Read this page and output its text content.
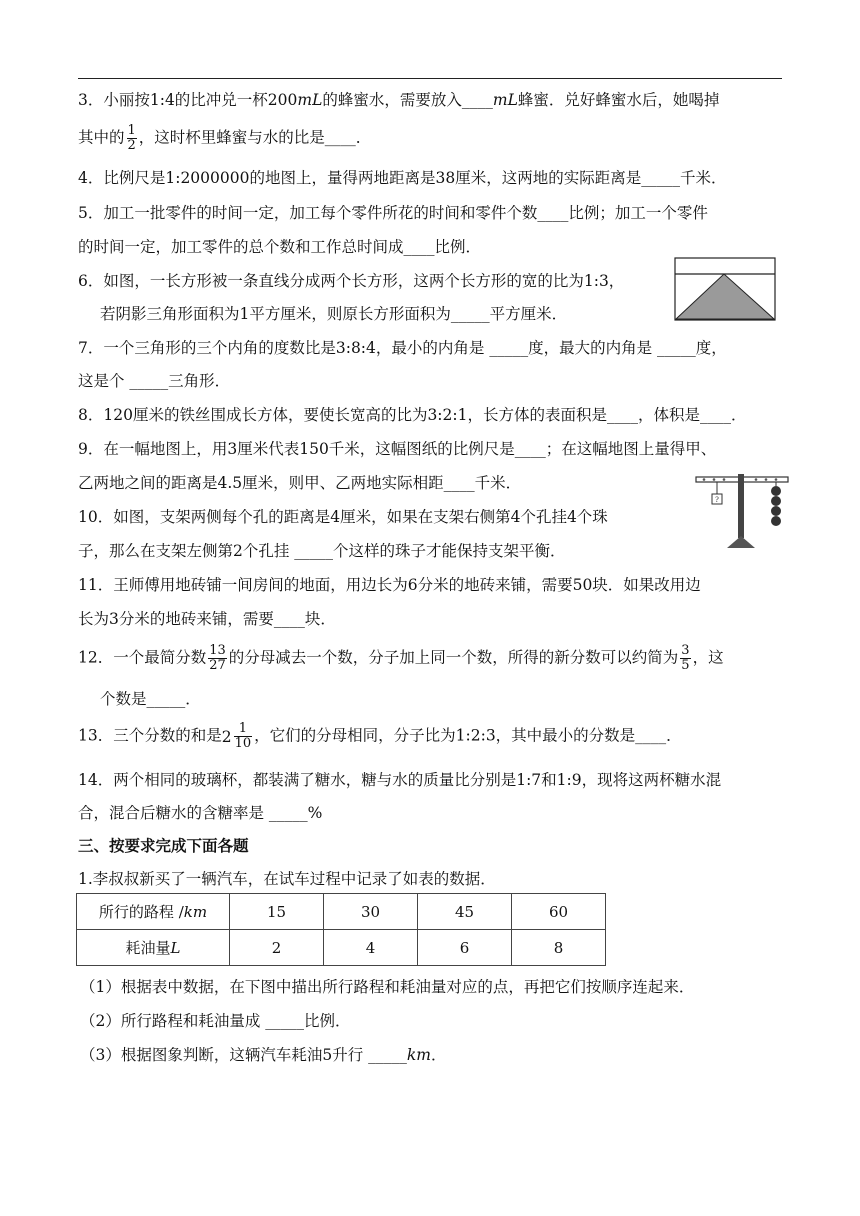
3．小丽按1:4的比冲兑一杯200mL的蜂蜜水，需要放入____mL蜂蜜．兑好蜂蜜水后，她喝掉
其中的 $\frac{1}{2}$ ，这时杯里蜂蜜与水的比是____．
4．比例尺是1:2000000的地图上，量得两地距离是38厘米，这两地的实际距离是_____千米．
5．加工一批零件的时间一定，加工每个零件所花的时间和零件个数____比例；加工一个零件
的时间一定，加工零件的总个数和工作总时间成____比例．
6．如图，一长方形被一条直线分成两个长方形，这两个长方形的宽的比为1:3，
若阴影三角形面积为1平方厘米，则原长方形面积为_____平方厘米．
7．一个三角形的三个内角的度数比是3:8:4，最小的内角是 _____度，最大的内角是 _____度，
这是个 _____三角形．
8．120厘米的铁丝围成长方体，要使长宽高的比为3:2:1，长方体的表面积是____，体积是____．
9．在一幅地图上，用3厘米代表150千米，这幅图纸的比例尺是____；在这幅地图上量得甲、
乙两地之间的距离是4.5厘米，则甲、乙两地实际相距____千米．
10．如图，支架两侧每个孔的距离是4厘米，如果在支架右侧第4个孔挂4个珠
子，那么在支架左侧第2个孔挂 _____个这样的珠子才能保持支架平衡．
?
11．王师傅用地砖铺一间房间的地面，用边长为6分米的地砖来铺，需要50块．如果改用边
长为3分米的地砖来铺，需要____块．
12．一个最简分数 $\frac{13}{27}$ 的分母减去一个数，分子加上同一个数，所得的新分数可以约简为 $\frac{3}{5}$ ，这
个数是_____．
13．三个分数的和是$2 \frac{1}{10}$ ，它们的分母相同，分子比为1:2:3，其中最小的分数是____．
14．两个相同的玻璃杯，都装满了糖水，糖与水的质量比分别是1:7和1:9，现将这两杯糖水混
合，混合后糖水的含糖率是 _____%
三、按要求完成下面各题
1.李叔叔新买了一辆汽车，在试车过程中记录了如表的数据．
所行的路程 /km	15	30	45	60
耗油量L	2	4	6	8
（1）根据表中数据，在下图中描出所行路程和耗油量对应的点，再把它们按顺序连起来．
（2）所行路程和耗油量成 _____比例．
（3）根据图象判断，这辆汽车耗油5升行 _____km．
